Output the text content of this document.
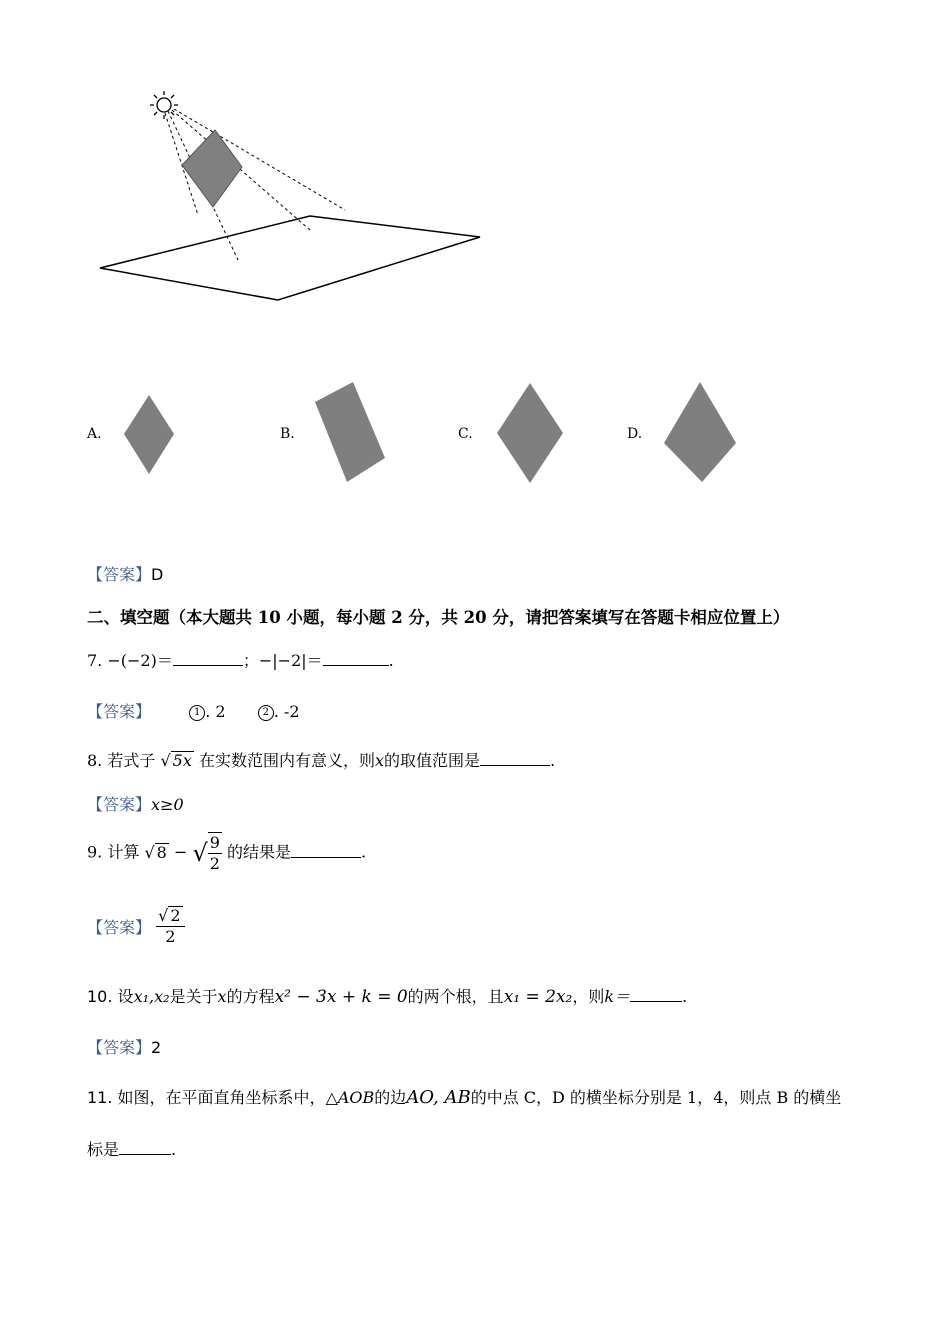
A.	B.	C.	D.
【答案】D
二、填空题（本大题共 10 小题，每小题 2 分，共 20 分，请把答案填写在答题卡相应位置上）
7. −(−2)＝	；−|−2|＝	.
【答案】	1 . 2	2 . -2
8. 若式子 √ 5x 在实数范围内有意义，则x的取值范围是	.
【答案】x≥0
9. 计算 √ 8 − √ $\frac{9}{2}$ 的结果是	.
【答案】 $\frac{√ 2}{2}$
10. 设x₁,x₂是关于x的方程x² − 3x + k = 0的两个根，且x₁ = 2x₂，则k＝	.
【答案】2
11. 如图，在平面直角坐标系中，△AOB的边AO, AB的中点 C，D 的横坐标分别是 1，4，则点 B 的横坐
标是	.
